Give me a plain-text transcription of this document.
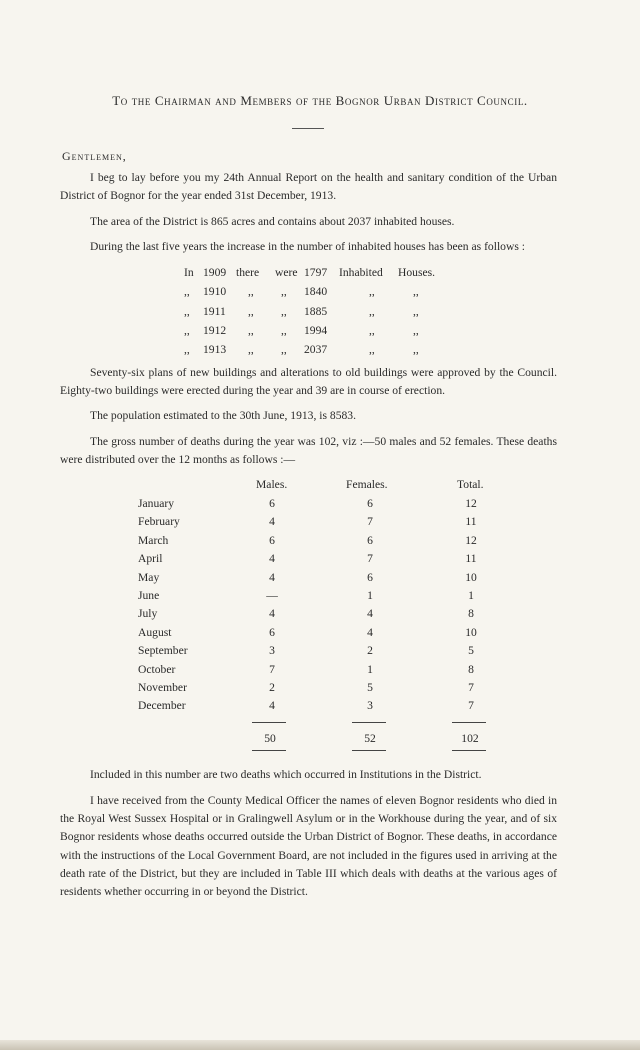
To the Chairman and Members of the Bognor Urban District Council.
Gentlemen,

I beg to lay before you my 24th Annual Report on the health and sanitary condition of the Urban District of Bognor for the year ended 31st December, 1913.

The area of the District is 865 acres and contains about 2037 inhabited houses.

During the last five years the increase in the number of inhabited houses has been as follows :

In 1909 there were 1797 Inhabited Houses.
,, 1910 ,, ,, 1840	,,	,,
,, 1911 ,, ,, 1885	,,	,,
,, 1912 ,, ,, 1994	,,	,,
,, 1913 ,, ,, 2037	,,	,,

Seventy-six plans of new buildings and alterations to old buildings were approved by the Council. Eighty-two buildings were erected during the year and 39 are in course of erection.

The population estimated to the 30th June, 1913, is 8583.

The gross number of deaths during the year was 102, viz :—50 males and 52 females. These deaths were distributed over the 12 months as follows :—

Males.	Females.	Total.
January	6	6	12
February	4	7	11
March	6	6	12
April	4	7	11
May	4	6	10
June	—	1	1
July	4	4	8
August	6	4	10
September	3	2	5
October	7	1	8
November	2	5	7
December	4	3	7
50	52	102

Included in this number are two deaths which occurred in Institutions in the District.

I have received from the County Medical Officer the names of eleven Bognor residents who died in the Royal West Sussex Hospital or in Gralingwell Asylum or in the Workhouse during the year, and of six Bognor residents whose deaths occurred outside the Urban District of Bognor. These deaths, in accordance with the instructions of the Local Government Board, are not included in the figures used in arriving at the death rate of the District, but they are included in Table III which deals with deaths at the various ages of residents whether occurring in or beyond the District.
